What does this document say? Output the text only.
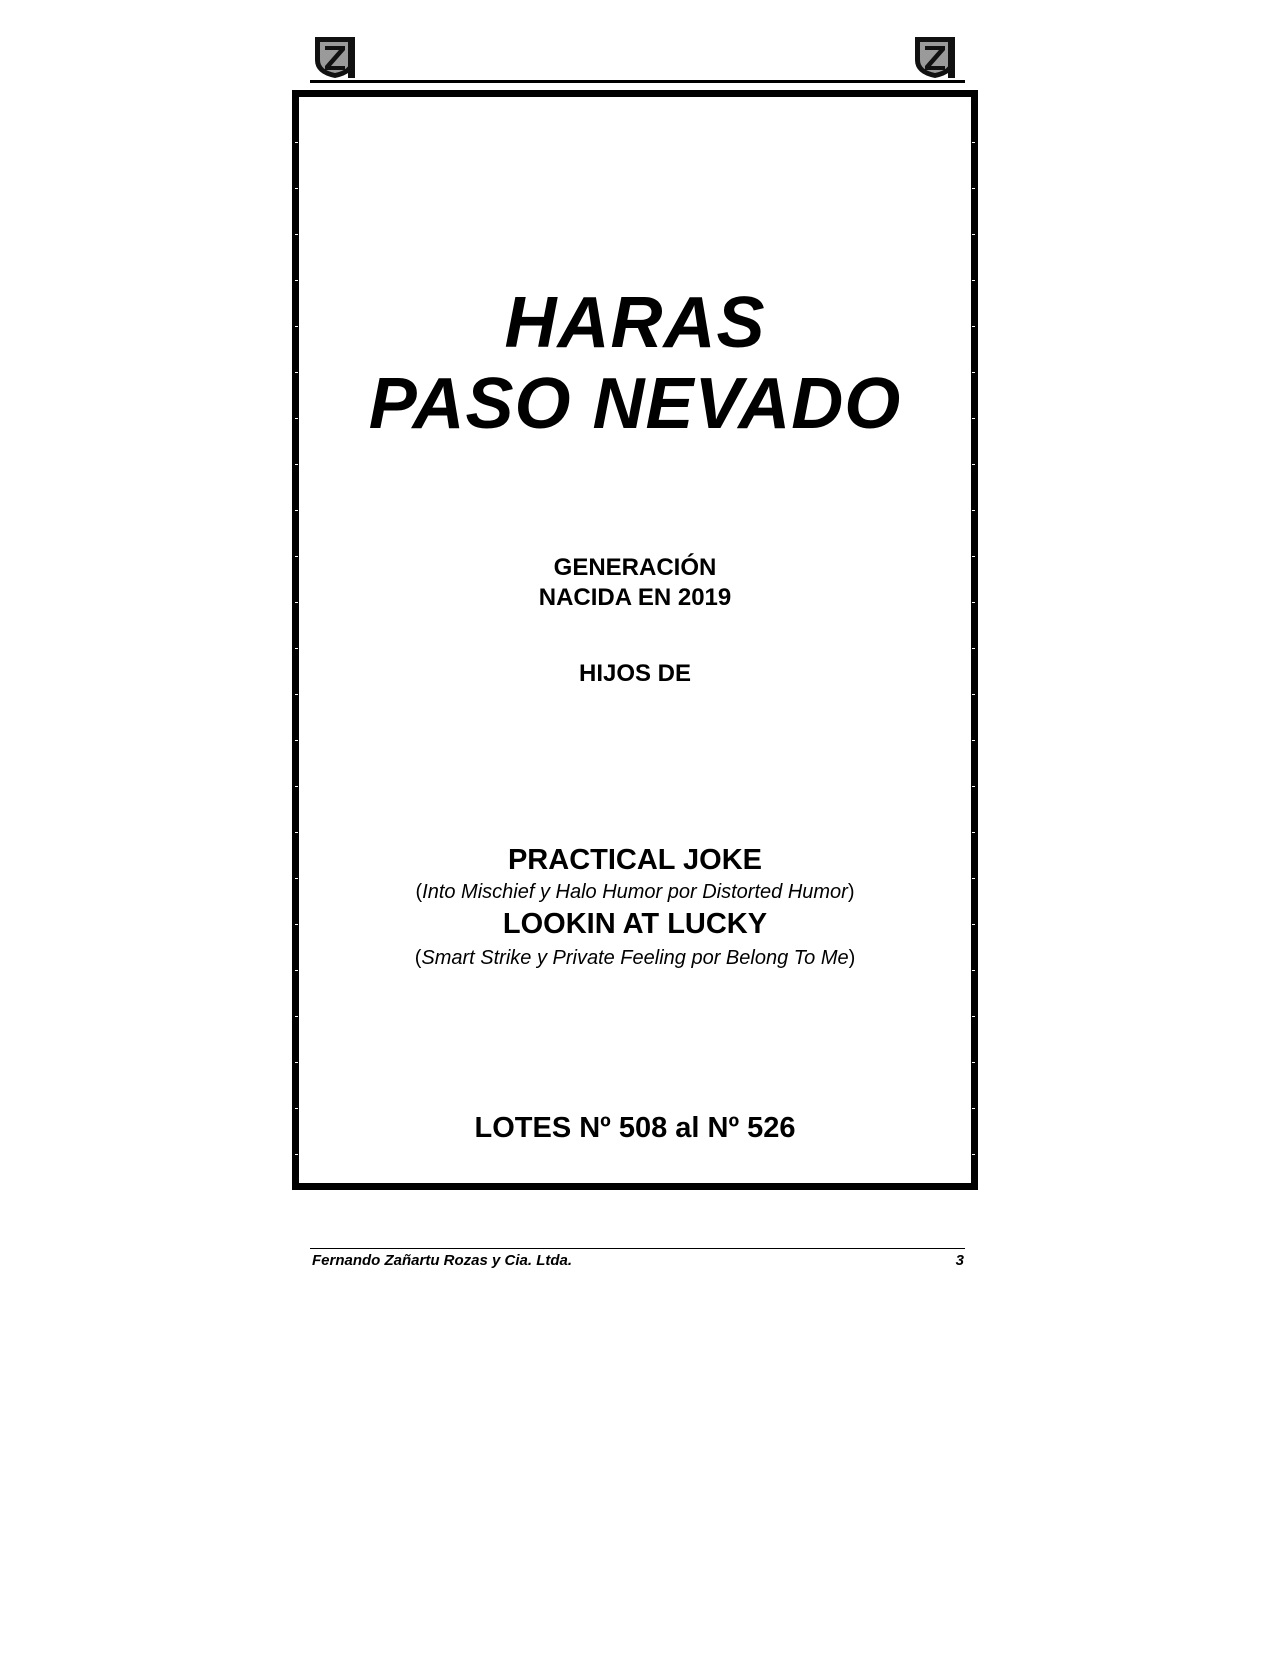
HARAS
PASO NEVADO
GENERACIÓN
NACIDA EN 2019
HIJOS DE
PRACTICAL JOKE
(Into Mischief y Halo Humor por Distorted Humor)
LOOKIN AT LUCKY
(Smart Strike y Private Feeling por Belong To Me)
LOTES Nº 508 al Nº 526
Fernando Zañartu Rozas y Cia. Ltda.	3
